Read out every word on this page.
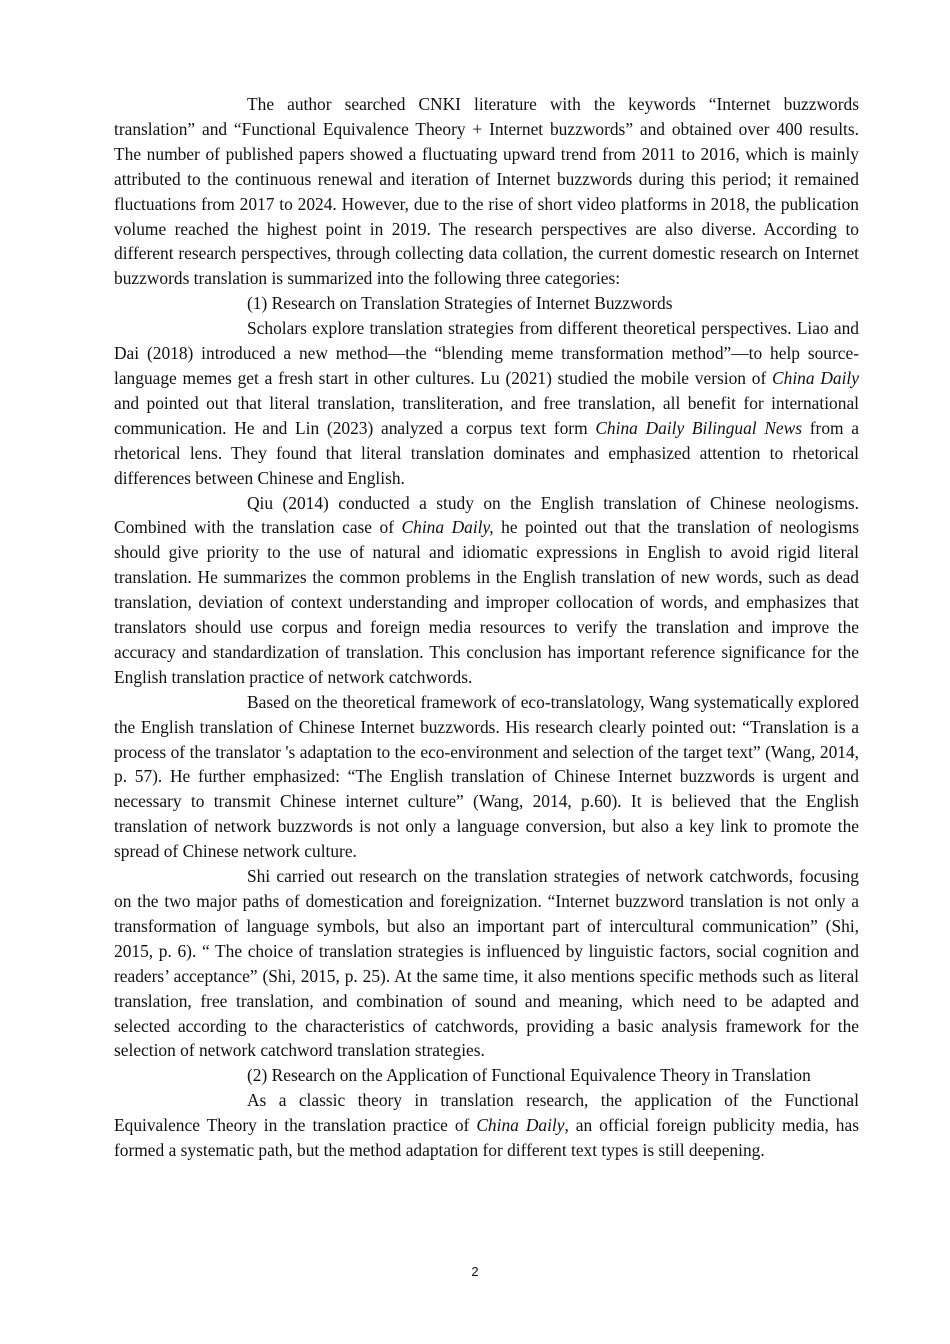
The author searched CNKI literature with the keywords “Internet buzzwords translation” and “Functional Equivalence Theory + Internet buzzwords” and obtained over 400 results. The number of published papers showed a fluctuating upward trend from 2011 to 2016, which is mainly attributed to the continuous renewal and iteration of Internet buzzwords during this period; it remained fluctuations from 2017 to 2024. However, due to the rise of short video platforms in 2018, the publication volume reached the highest point in 2019. The research perspectives are also diverse. According to different research perspectives, through collecting data collation, the current domestic research on Internet buzzwords translation is summarized into the following three categories:

(1) Research on Translation Strategies of Internet Buzzwords

Scholars explore translation strategies from different theoretical perspectives. Liao and Dai (2018) introduced a new method—the “blending meme transformation method”—to help source-language memes get a fresh start in other cultures. Lu (2021) studied the mobile version of China Daily and pointed out that literal translation, transliteration, and free translation, all benefit for international communication. He and Lin (2023) analyzed a corpus text form China Daily Bilingual News from a rhetorical lens. They found that literal translation dominates and emphasized attention to rhetorical differences between Chinese and English.

Qiu (2014) conducted a study on the English translation of Chinese neologisms. Combined with the translation case of China Daily, he pointed out that the translation of neologisms should give priority to the use of natural and idiomatic expressions in English to avoid rigid literal translation. He summarizes the common problems in the English translation of new words, such as dead translation, deviation of context understanding and improper collocation of words, and emphasizes that translators should use corpus and foreign media resources to verify the translation and improve the accuracy and standardization of translation. This conclusion has important reference significance for the English translation practice of network catchwords.

Based on the theoretical framework of eco-translatology, Wang systematically explored the English translation of Chinese Internet buzzwords. His research clearly pointed out: “Translation is a process of the translator 's adaptation to the eco-environment and selection of the target text” (Wang, 2014, p. 57). He further emphasized: “The English translation of Chinese Internet buzzwords is urgent and necessary to transmit Chinese internet culture” (Wang, 2014, p.60). It is believed that the English translation of network buzzwords is not only a language conversion, but also a key link to promote the spread of Chinese network culture.

Shi carried out research on the translation strategies of network catchwords, focusing on the two major paths of domestication and foreignization. “Internet buzzword translation is not only a transformation of language symbols, but also an important part of intercultural communication” (Shi, 2015, p. 6). “ The choice of translation strategies is influenced by linguistic factors, social cognition and readers’ acceptance” (Shi, 2015, p. 25). At the same time, it also mentions specific methods such as literal translation, free translation, and combination of sound and meaning, which need to be adapted and selected according to the characteristics of catchwords, providing a basic analysis framework for the selection of network catchword translation strategies.

(2) Research on the Application of Functional Equivalence Theory in Translation

As a classic theory in translation research, the application of the Functional Equivalence Theory in the translation practice of China Daily, an official foreign publicity media, has formed a systematic path, but the method adaptation for different text types is still deepening.

2
